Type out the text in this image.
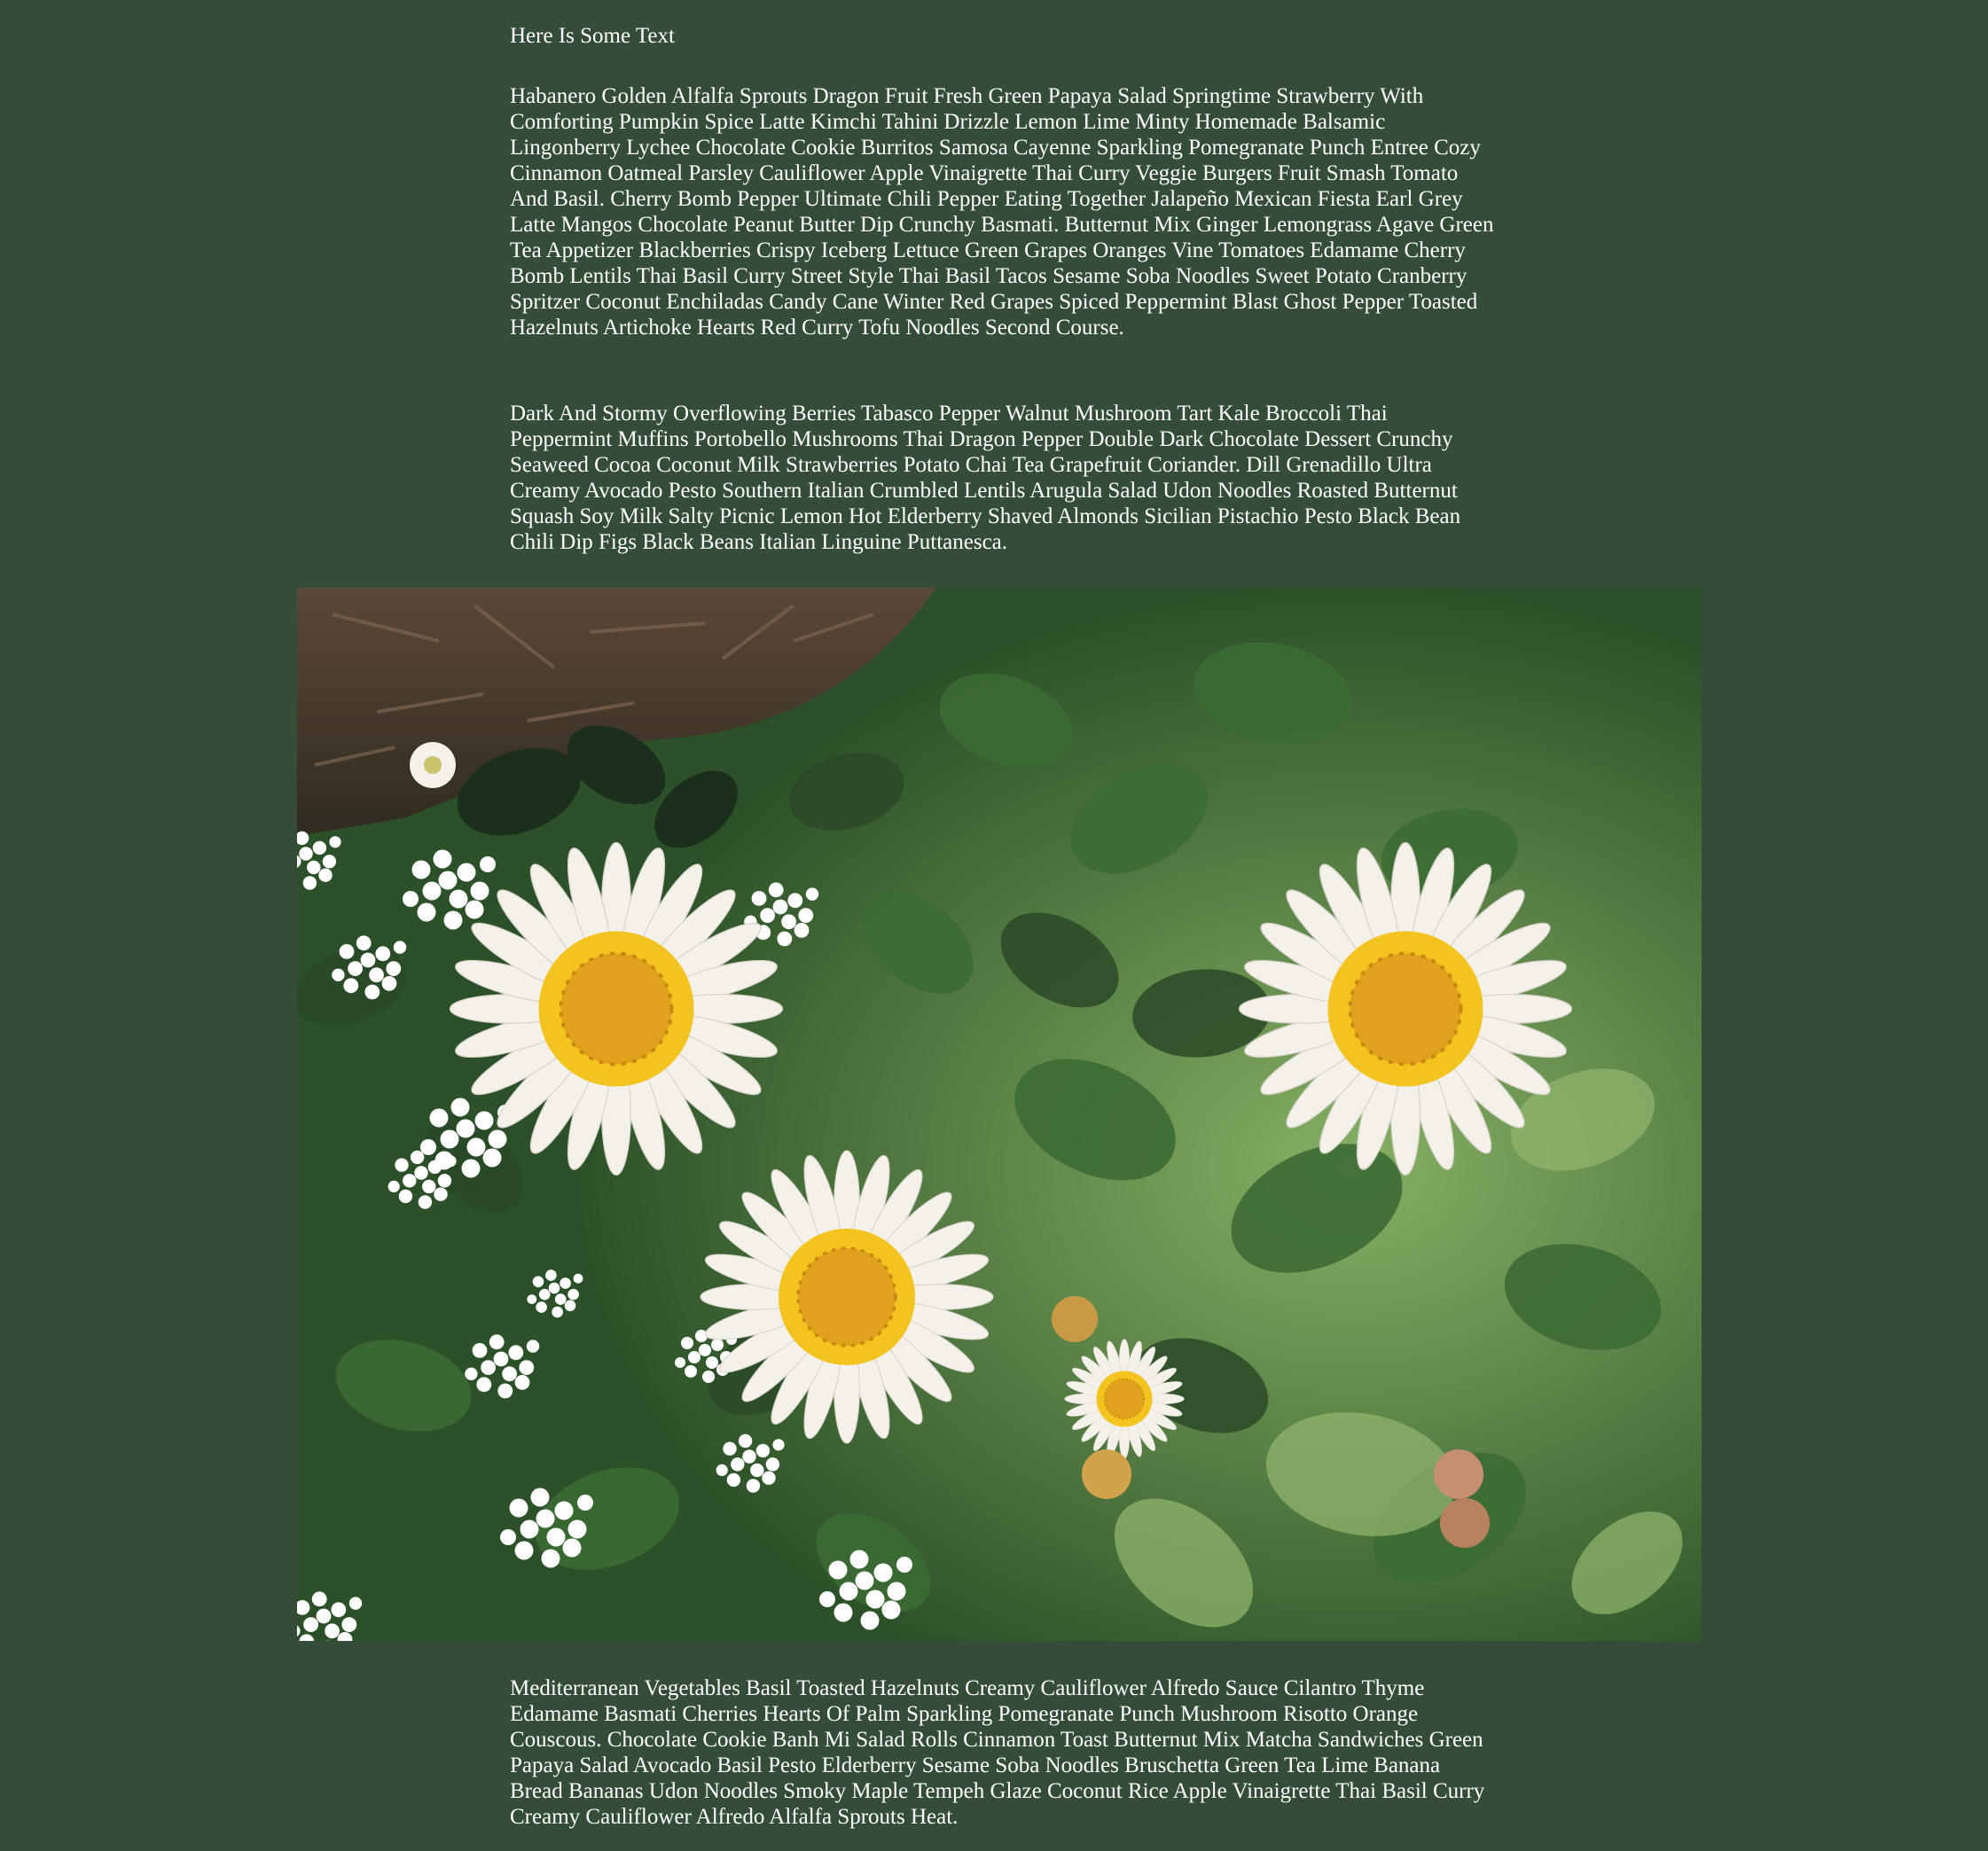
Here Is Some Text

Habanero Golden Alfalfa Sprouts Dragon Fruit Fresh Green Papaya Salad Springtime Strawberry With Comforting Pumpkin Spice Latte Kimchi Tahini Drizzle Lemon Lime Minty Homemade Balsamic Lingonberry Lychee Chocolate Cookie Burritos Samosa Cayenne Sparkling Pomegranate Punch Entree Cozy Cinnamon Oatmeal Parsley Cauliflower Apple Vinaigrette Thai Curry Veggie Burgers Fruit Smash Tomato And Basil. Cherry Bomb Pepper Ultimate Chili Pepper Eating Together Jalapeño Mexican Fiesta Earl Grey Latte Mangos Chocolate Peanut Butter Dip Crunchy Basmati. Butternut Mix Ginger Lemongrass Agave Green Tea Appetizer Blackberries Crispy Iceberg Lettuce Green Grapes Oranges Vine Tomatoes Edamame Cherry Bomb Lentils Thai Basil Curry Street Style Thai Basil Tacos Sesame Soba Noodles Sweet Potato Cranberry Spritzer Coconut Enchiladas Candy Cane Winter Red Grapes Spiced Peppermint Blast Ghost Pepper Toasted Hazelnuts Artichoke Hearts Red Curry Tofu Noodles Second Course.

Dark And Stormy Overflowing Berries Tabasco Pepper Walnut Mushroom Tart Kale Broccoli Thai Peppermint Muffins Portobello Mushrooms Thai Dragon Pepper Double Dark Chocolate Dessert Crunchy Seaweed Cocoa Coconut Milk Strawberries Potato Chai Tea Grapefruit Coriander. Dill Grenadillo Ultra Creamy Avocado Pesto Southern Italian Crumbled Lentils Arugula Salad Udon Noodles Roasted Butternut Squash Soy Milk Salty Picnic Lemon Hot Elderberry Shaved Almonds Sicilian Pistachio Pesto Black Bean Chili Dip Figs Black Beans Italian Linguine Puttanesca.

Mediterranean Vegetables Basil Toasted Hazelnuts Creamy Cauliflower Alfredo Sauce Cilantro Thyme Edamame Basmati Cherries Hearts Of Palm Sparkling Pomegranate Punch Mushroom Risotto Orange Couscous. Chocolate Cookie Banh Mi Salad Rolls Cinnamon Toast Butternut Mix Matcha Sandwiches Green Papaya Salad Avocado Basil Pesto Elderberry Sesame Soba Noodles Bruschetta Green Tea Lime Banana Bread Bananas Udon Noodles Smoky Maple Tempeh Glaze Coconut Rice Apple Vinaigrette Thai Basil Curry Creamy Cauliflower Alfredo Alfalfa Sprouts Heat.
